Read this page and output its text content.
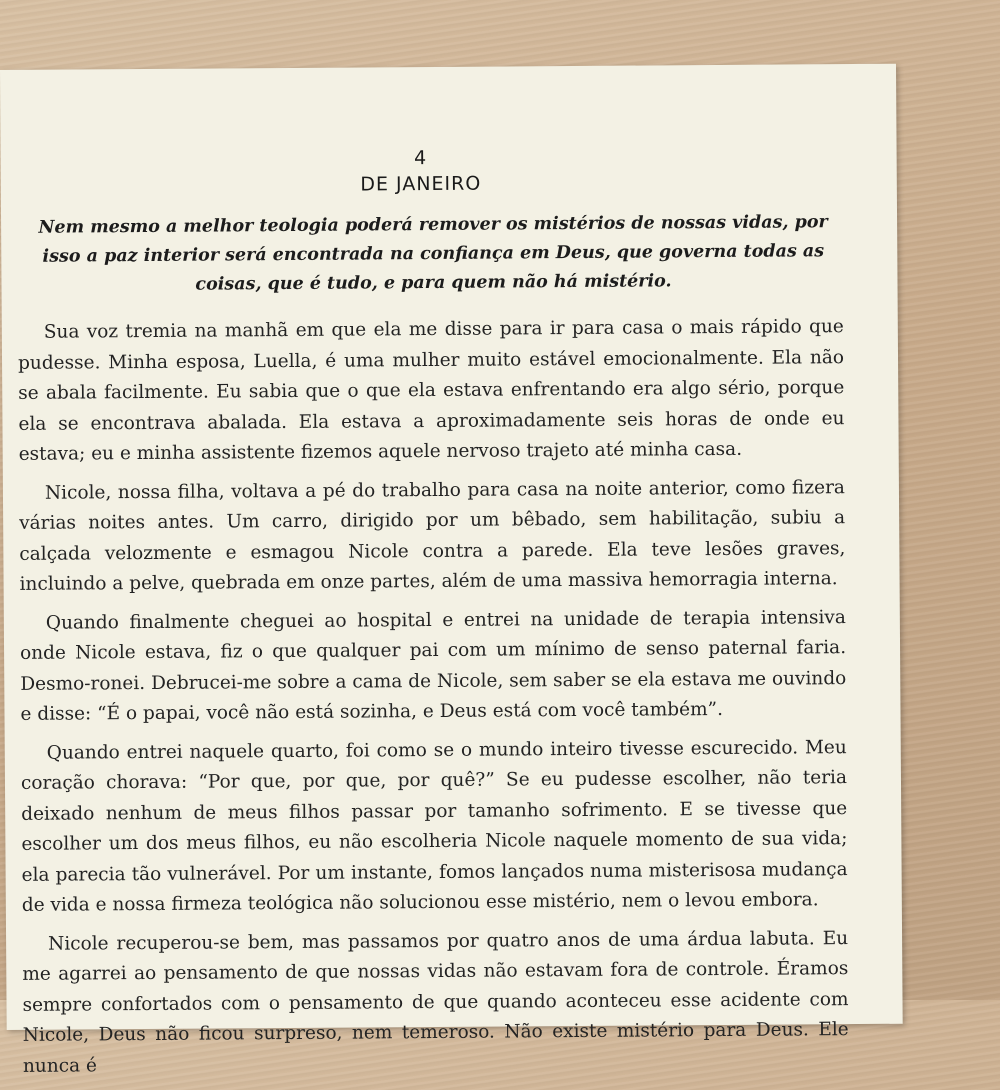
4
DE JANEIRO
Nem mesmo a melhor teologia poderá remover os mistérios de nossas vidas, por isso a paz interior será encontrada na confiança em Deus, que governa todas as coisas, que é tudo, e para quem não há mistério.

Sua voz tremia na manhã em que ela me disse para ir para casa o mais rápido que pudesse. Minha esposa, Luella, é uma mulher muito estável emocionalmente. Ela não se abala facilmente. Eu sabia que o que ela estava enfrentando era algo sério, porque ela se encontrava abalada. Ela estava a aproximadamente seis horas de onde eu estava; eu e minha assistente fizemos aquele nervoso trajeto até minha casa.

Nicole, nossa filha, voltava a pé do trabalho para casa na noite anterior, como fizera várias noites antes. Um carro, dirigido por um bêbado, sem habilitação, subiu a calçada velozmente e esmagou Nicole contra a parede. Ela teve lesões graves, incluindo a pelve, quebrada em onze partes, além de uma massiva hemorragia interna.

Quando finalmente cheguei ao hospital e entrei na unidade de terapia intensiva onde Nicole estava, fiz o que qualquer pai com um mínimo de senso paternal faria. Desmo-ronei. Debrucei-me sobre a cama de Nicole, sem saber se ela estava me ouvindo e disse: “É o papai, você não está sozinha, e Deus está com você também”.

Quando entrei naquele quarto, foi como se o mundo inteiro tivesse escurecido. Meu coração chorava: “Por que, por que, por quê?” Se eu pudesse escolher, não teria deixado nenhum de meus filhos passar por tamanho sofrimento. E se tivesse que escolher um dos meus filhos, eu não escolheria Nicole naquele momento de sua vida; ela parecia tão vulnerável. Por um instante, fomos lançados numa misterisosa mudança de vida e nossa firmeza teológica não solucionou esse mistério, nem o levou embora.

Nicole recuperou-se bem, mas passamos por quatro anos de uma árdua labuta. Eu me agarrei ao pensamento de que nossas vidas não estavam fora de controle. Éramos sempre confortados com o pensamento de que quando aconteceu esse acidente com Nicole, Deus não ficou surpreso, nem temeroso. Não existe mistério para Deus. Ele nunca é
